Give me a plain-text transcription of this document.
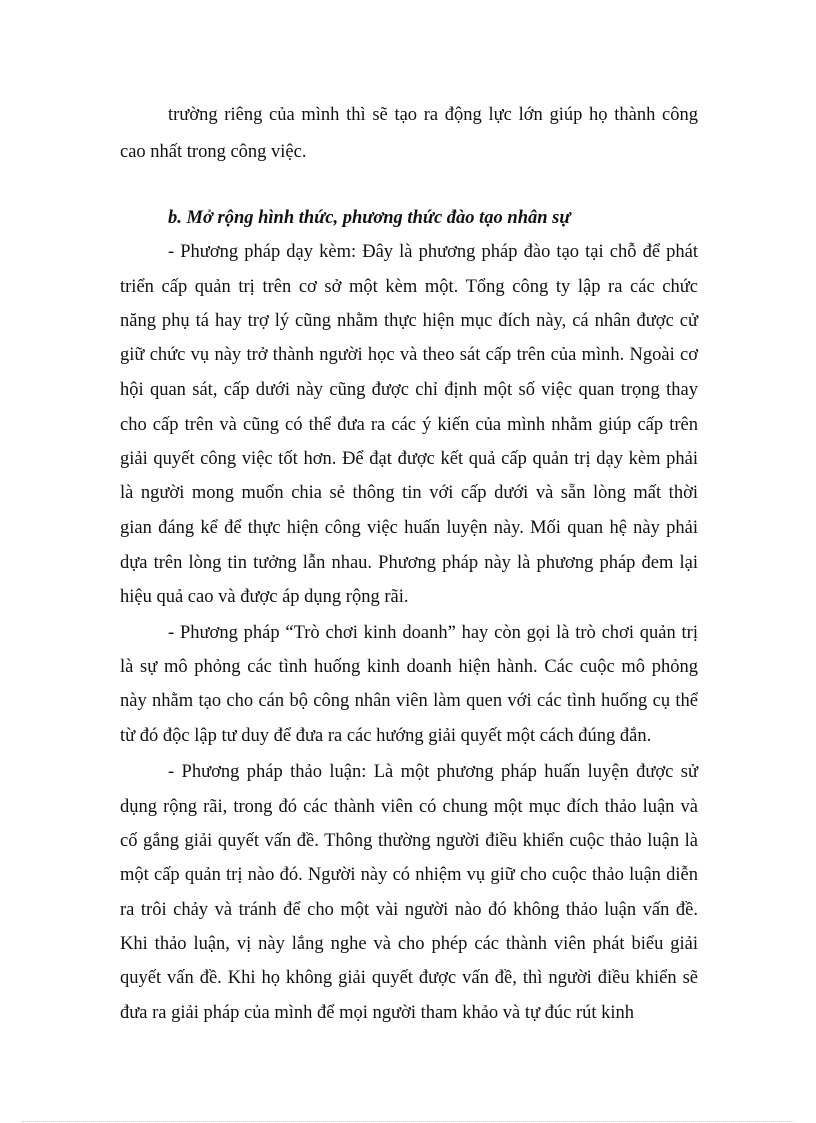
trường riêng của mình thì sẽ tạo ra động lực lớn giúp họ thành công
cao nhất trong công việc.
b. Mở rộng hình thức, phương thức đào tạo nhân sự
- Phương pháp dạy kèm: Đây là phương pháp đào tạo tại chỗ để phát
triển cấp quản trị trên cơ sở một kèm một. Tổng công ty lập ra các chức
năng phụ tá hay trợ lý cũng nhằm thực hiện mục đích này, cá nhân được cử
giữ chức vụ này trở thành người học và theo sát cấp trên của mình. Ngoài cơ
hội quan sát, cấp dưới này cũng được chỉ định một số việc quan trọng thay
cho cấp trên và cũng có thể đưa ra các ý kiến của mình nhằm giúp cấp trên
giải quyết công việc tốt hơn. Để đạt được kết quả cấp quản trị dạy kèm phải
là người mong muốn chia sẻ thông tin với cấp dưới và sẵn lòng mất thời
gian đáng kể để thực hiện công việc huấn luyện này. Mối quan hệ này phải
dựa trên lòng tin tưởng lẫn nhau. Phương pháp này là phương pháp đem lại
hiệu quả cao và được áp dụng rộng rãi.
- Phương pháp “Trò chơi kinh doanh” hay còn gọi là trò chơi quản trị
là sự mô phỏng các tình huống kinh doanh hiện hành. Các cuộc mô phỏng
này nhằm tạo cho cán bộ công nhân viên làm quen với các tình huống cụ thể
từ đó độc lập tư duy để đưa ra các hướng giải quyết một cách đúng đắn.
- Phương pháp thảo luận: Là một phương pháp huấn luyện được sử
dụng rộng rãi, trong đó các thành viên có chung một mục đích thảo luận và
cố gắng giải quyết vấn đề. Thông thường người điều khiển cuộc thảo luận là
một cấp quản trị nào đó. Người này có nhiệm vụ giữ cho cuộc thảo luận diễn
ra trôi chảy và tránh để cho một vài người nào đó không thảo luận vấn đề.
Khi thảo luận, vị này lắng nghe và cho phép các thành viên phát biểu giải
quyết vấn đề. Khi họ không giải quyết được vấn đề, thì người điều khiển sẽ
đưa ra giải pháp của mình để mọi người tham khảo và tự đúc rút kinh
